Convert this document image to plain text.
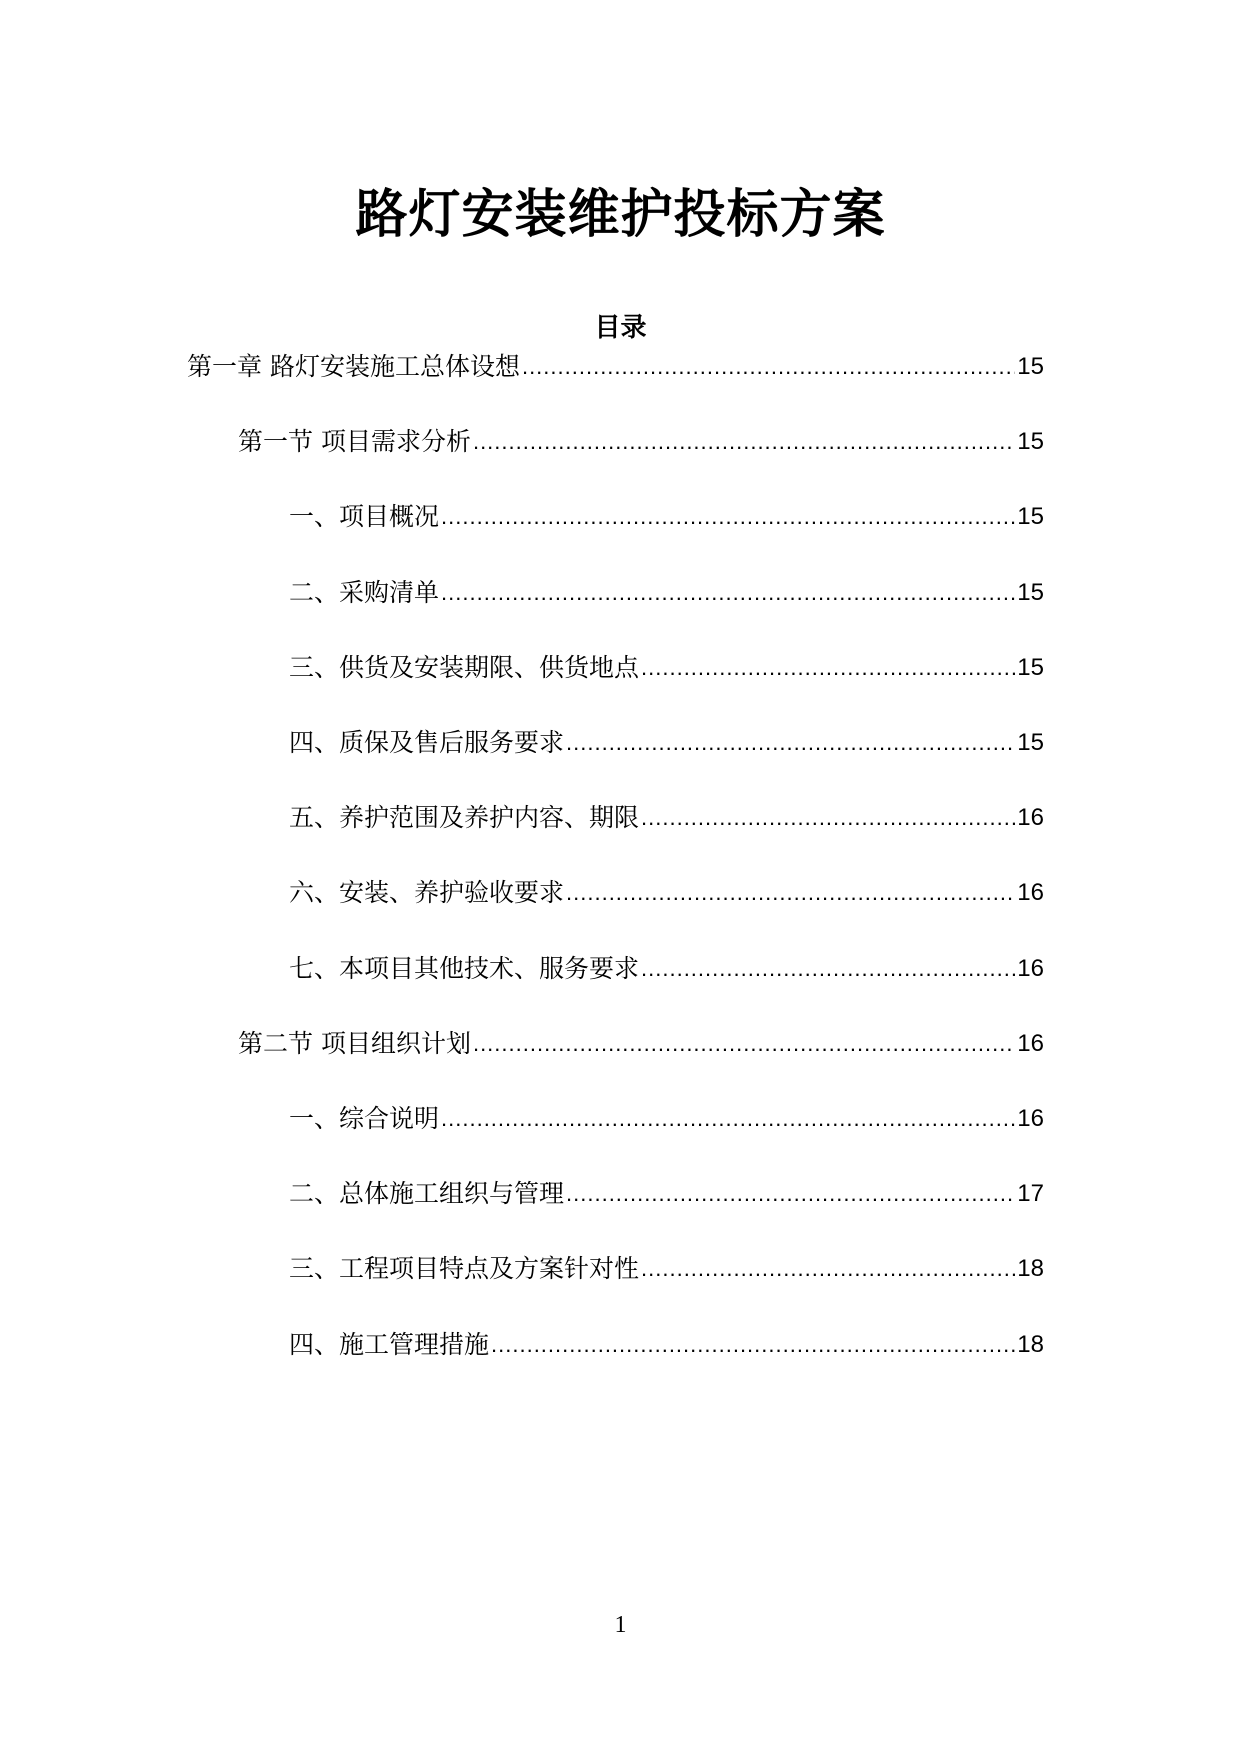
路灯安装维护投标方案
目录
第一章 路灯安装施工总体设想 .....	15
第一节 项目需求分析 .....	15
一、项目概况 .....	15
二、采购清单 .....	15
三、供货及安装期限、供货地点 .....	15
四、质保及售后服务要求 .....	15
五、养护范围及养护内容、期限 .....	16
六、安装、养护验收要求 .....	16
七、本项目其他技术、服务要求 .....	16
第二节 项目组织计划 .....	16
一、综合说明 .....	16
二、总体施工组织与管理 .....	17
三、工程项目特点及方案针对性 .....	18
四、施工管理措施 .....	18
1
